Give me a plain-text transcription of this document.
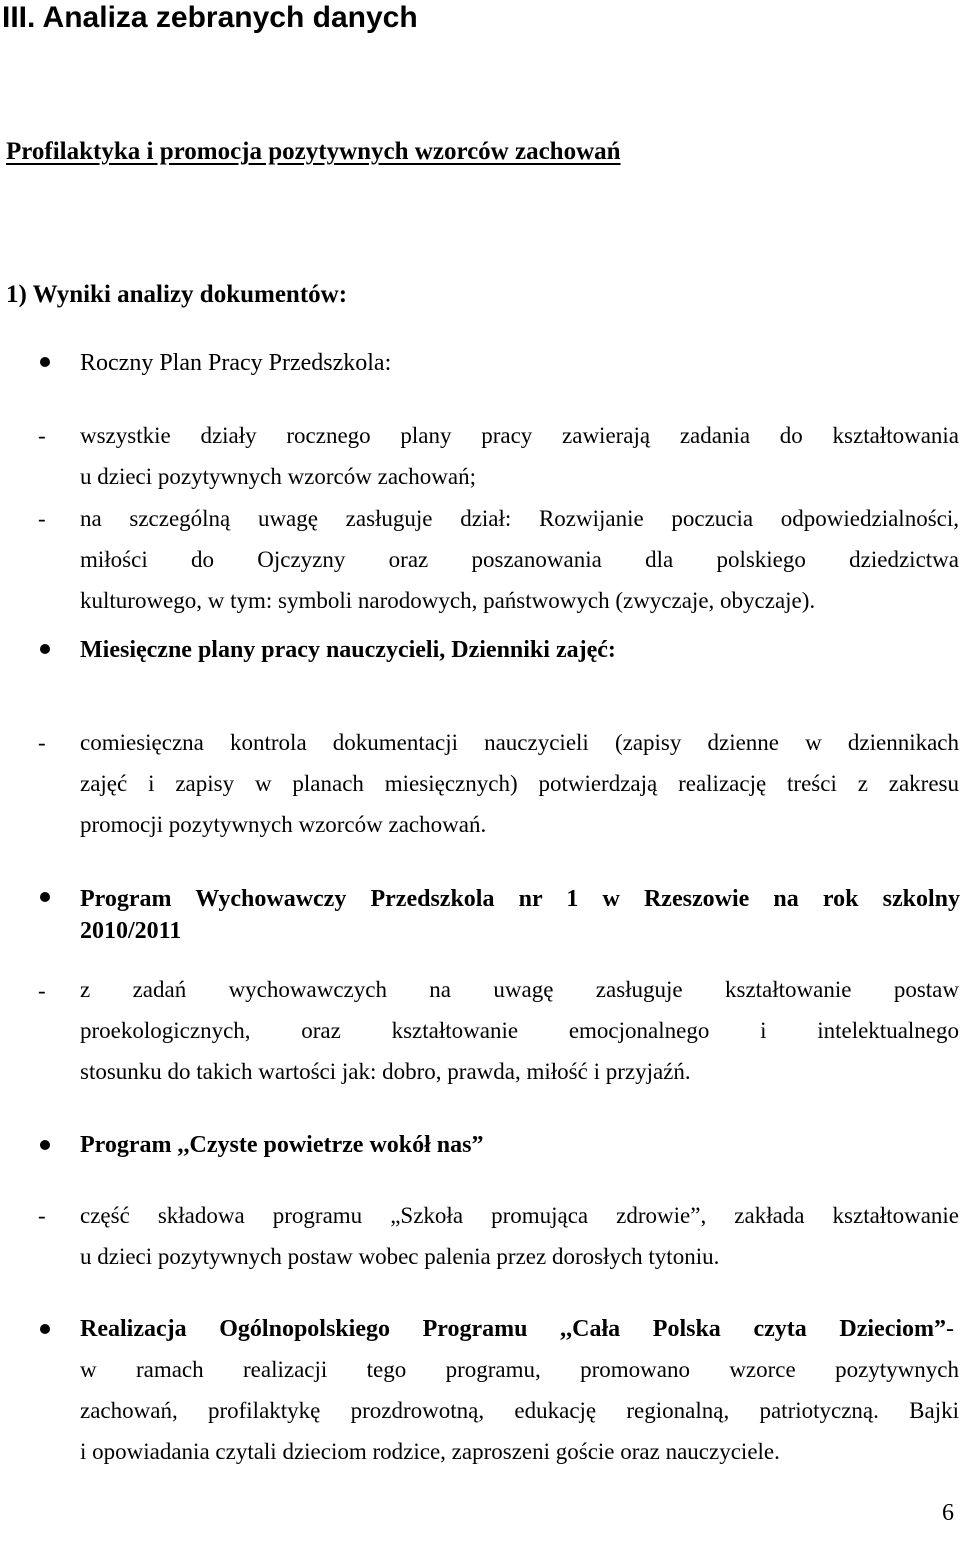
III. Analiza zebranych danych
Profilaktyka i promocja pozytywnych wzorców zachowań
1) Wyniki analizy dokumentów:
Roczny Plan Pracy Przedszkola:
- wszystkie działy rocznego plany pracy zawierają zadania do kształtowania
u dzieci pozytywnych wzorców zachowań;
- na szczególną uwagę zasługuje dział: Rozwijanie poczucia odpowiedzialności,
miłości do Ojczyzny oraz poszanowania dla polskiego dziedzictwa
kulturowego, w tym: symboli narodowych, państwowych (zwyczaje, obyczaje).
Miesięczne plany pracy nauczycieli, Dzienniki zajęć:
- comiesięczna kontrola dokumentacji nauczycieli (zapisy dzienne w dziennikach
zajęć i zapisy w planach miesięcznych) potwierdzają realizację treści z zakresu
promocji pozytywnych wzorców zachowań.
Program Wychowawczy Przedszkola nr 1 w Rzeszowie na rok szkolny
2010/2011
- z zadań wychowawczych na uwagę zasługuje kształtowanie postaw
proekologicznych, oraz kształtowanie emocjonalnego i intelektualnego
stosunku do takich wartości jak: dobro, prawda, miłość i przyjaźń.
Program ,,Czyste powietrze wokół nas”
- część składowa programu „Szkoła promująca zdrowie”, zakłada kształtowanie
u dzieci pozytywnych postaw wobec palenia przez dorosłych tytoniu.
Realizacja Ogólnopolskiego Programu ,,Cała Polska czyta Dzieciom”-
w ramach realizacji tego programu, promowano wzorce pozytywnych
zachowań, profilaktykę prozdrowotną, edukację regionalną, patriotyczną. Bajki
i opowiadania czytali dzieciom rodzice, zaproszeni goście oraz nauczyciele.
6
